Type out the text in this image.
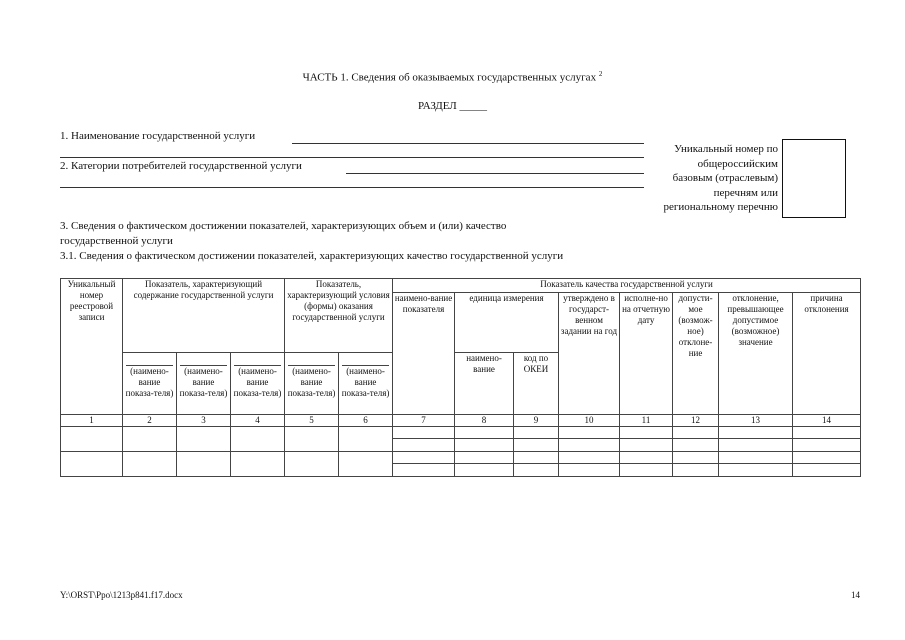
ЧАСТЬ 1. Сведения об оказываемых государственных услугах $^2$
РАЗДЕЛ _____
1. Наименование государственной услуги
2. Категории потребителей государственной услуги
Уникальный номер по
общероссийским
базовым (отраслевым)
перечням или
региональному перечню
3. Сведения о фактическом достижении показателей, характеризующих объем и (или) качество
государственной услуги
3.1. Сведения о фактическом достижении показателей, характеризующих качество государственной услуги
Уникальный номер реестровой записи	Показатель, характеризующий содержание государственной услуги			Показатель, характеризующий условия (формы) оказания государственной услуги		Показатель качества государственной услуги							
						наимено-вание показателя	единица измерения		утверждено в государст-венном задании на год	исполне-но на отчетную дату	допусти-мое (возмож-ное) отклоне-ние	отклонение, превышающее допустимое (возможное) значение	причина отклонения

	(наимено-вание показа-теля)	(наимено-вание показа-теля)	(наимено-вание показа-теля)	(наимено-вание показа-теля)	(наимено-вание показа-теля)		наимено-вание	код по ОКЕИ					
1	2	3	4	5	6	7	8	9	10	11	12	13	14

Y:\ORST\Ppo\1213p841.f17.docx	14
